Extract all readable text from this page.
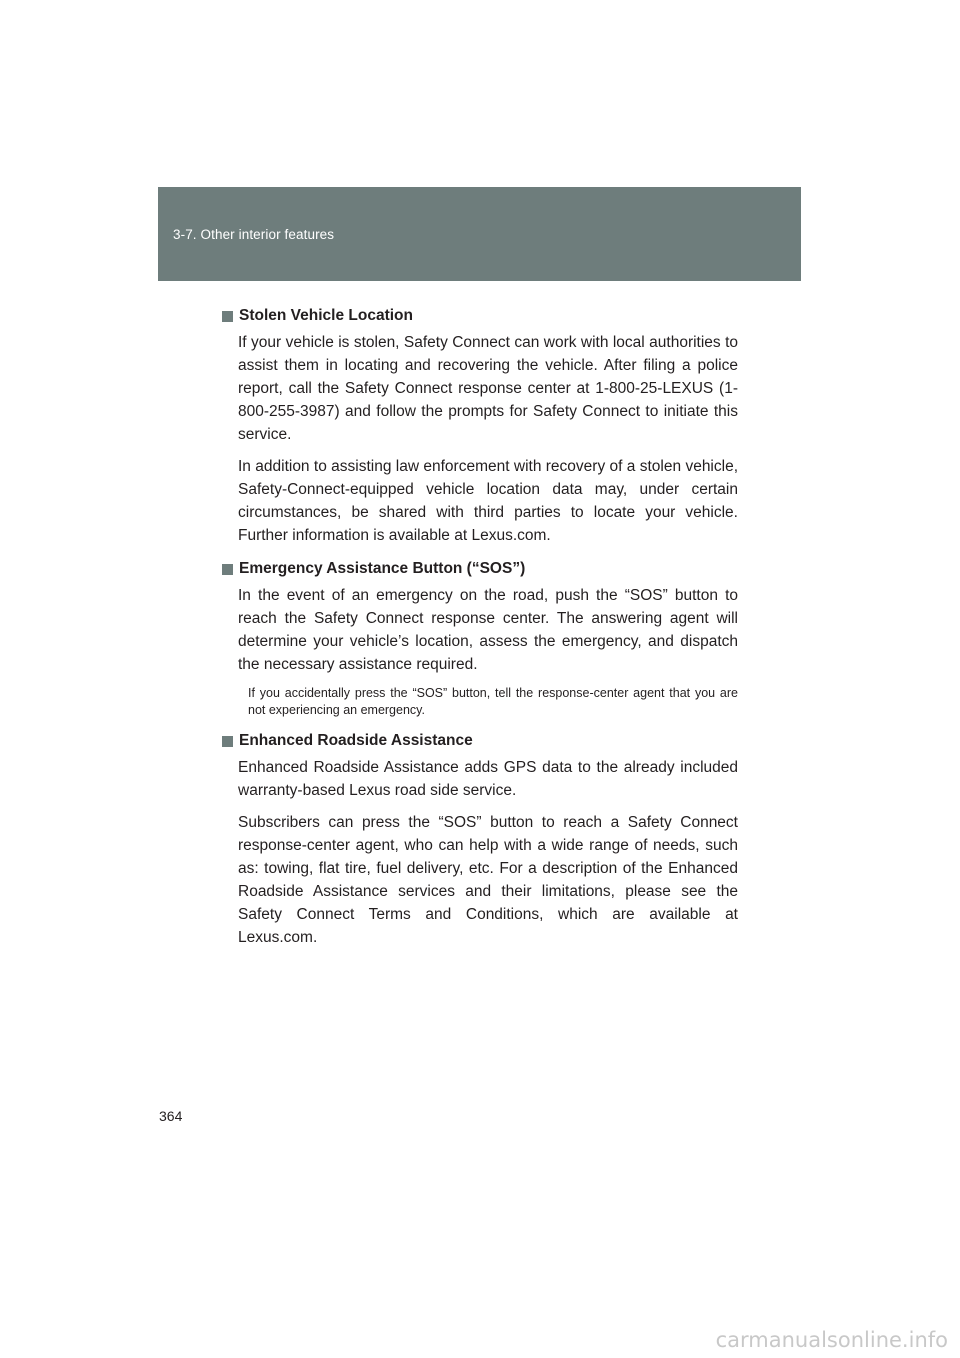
3-7. Other interior features

Stolen Vehicle Location

If your vehicle is stolen, Safety Connect can work with local authorities to assist them in locating and recovering the vehicle. After filing a police report, call the Safety Connect response center at 1-800-25-LEXUS (1-800-255-3987) and follow the prompts for Safety Connect to initiate this service.

In addition to assisting law enforcement with recovery of a stolen vehicle, Safety-Connect-equipped vehicle location data may, under certain circumstances, be shared with third parties to locate your vehicle. Further information is available at Lexus.com.

Emergency Assistance Button (“SOS”)

In the event of an emergency on the road, push the “SOS” button to reach the Safety Connect response center. The answering agent will determine your vehicle’s location, assess the emergency, and dispatch the necessary assistance required.

If you accidentally press the “SOS” button, tell the response-center agent that you are not experiencing an emergency.

Enhanced Roadside Assistance

Enhanced Roadside Assistance adds GPS data to the already included warranty-based Lexus road side service.

Subscribers can press the “SOS” button to reach a Safety Connect response-center agent, who can help with a wide range of needs, such as: towing, flat tire, fuel delivery, etc. For a description of the Enhanced Roadside Assistance services and their limitations, please see the Safety Connect Terms and Conditions, which are available at Lexus.com.

364
carmanualsonline.info
